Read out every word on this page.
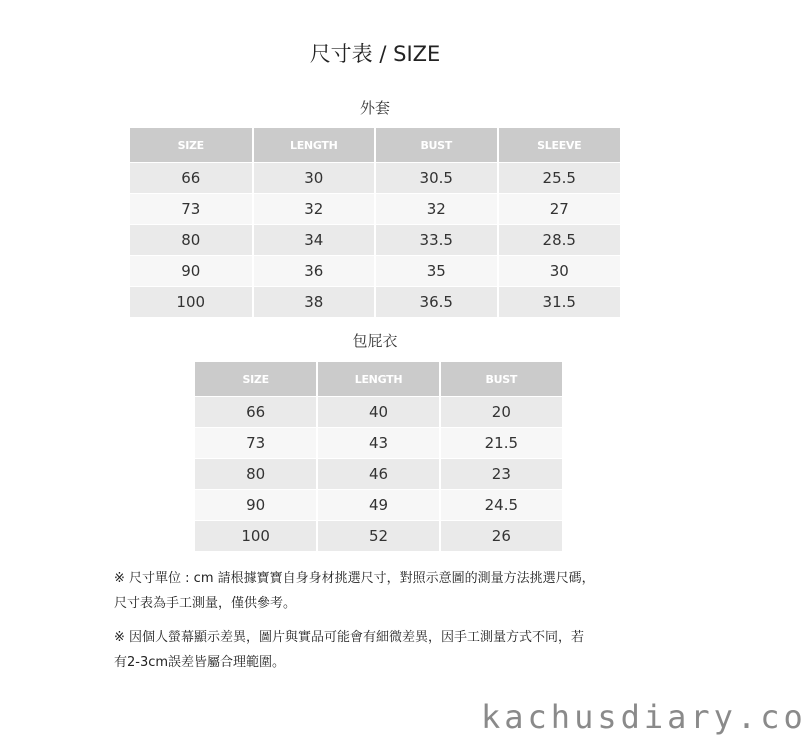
尺寸表 / SIZE
外套
SIZE	LENGTH	BUST	SLEEVE
66	30	30.5	25.5
73	32	32	27
80	34	33.5	28.5
90	36	35	30
100	38	36.5	31.5
包屁衣
SIZE	LENGTH	BUST
66	40	20
73	43	21.5
80	46	23
90	49	24.5
100	52	26
※ 尺寸單位 : cm 請根據寶寶自身身材挑選尺寸，對照示意圖的測量方法挑選尺碼，
尺寸表為手工測量，僅供參考。
※ 因個人螢幕顯示差異，圖片與實品可能會有細微差異，因手工測量方式不同，若
有2-3cm誤差皆屬合理範圍。
kachusdiary.co
